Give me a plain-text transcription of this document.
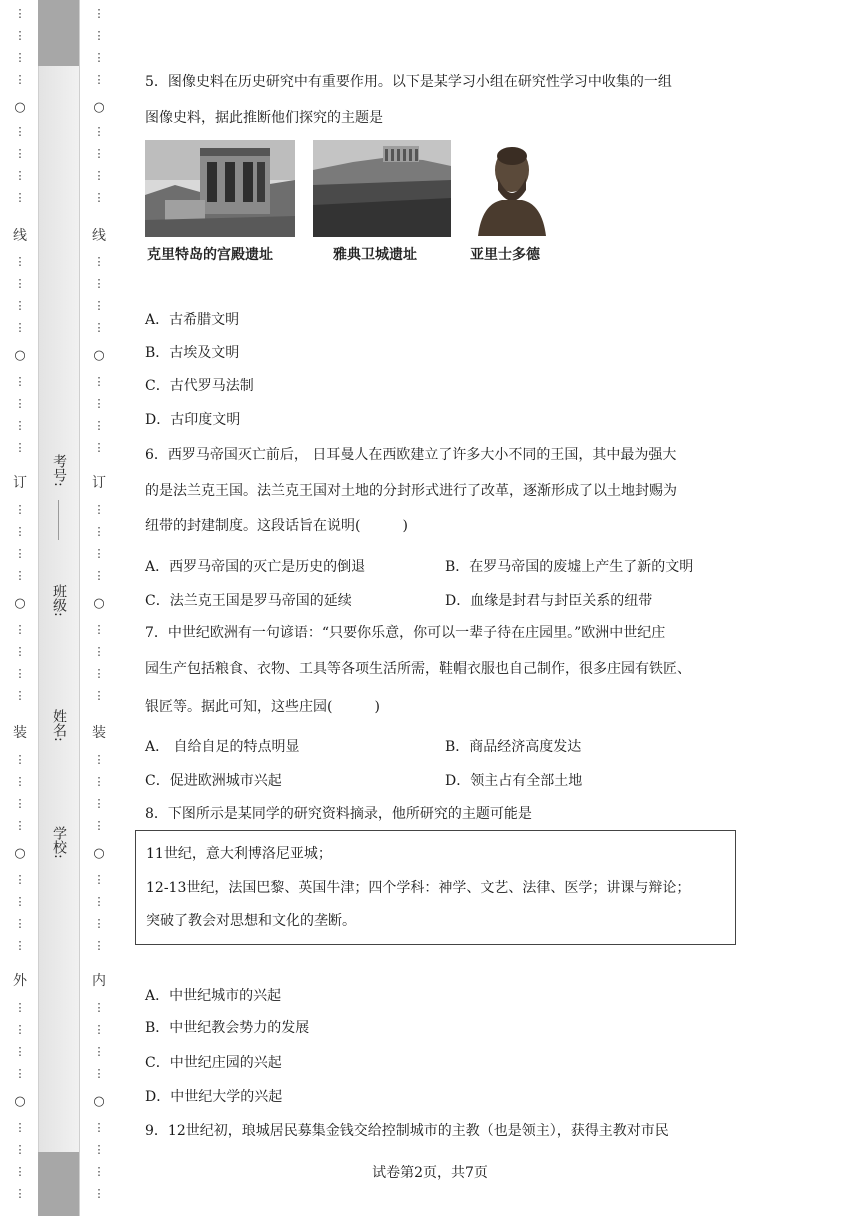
⋮
⋮
⋮
⋮
○
⋮
⋮
⋮
⋮
线
⋮
⋮
⋮
⋮
○
⋮
⋮
⋮
⋮
订
⋮
⋮
⋮
⋮
○
⋮
⋮
⋮
⋮
装
⋮
⋮
⋮
⋮
○
⋮
⋮
⋮
⋮
外
⋮
⋮
⋮
⋮
○
⋮
⋮
⋮
⋮
考号:
班级:
姓名:
学校:
⋮
⋮
⋮
⋮
○
⋮
⋮
⋮
⋮
线
⋮
⋮
⋮
⋮
○
⋮
⋮
⋮
⋮
订
⋮
⋮
⋮
⋮
○
⋮
⋮
⋮
⋮
装
⋮
⋮
⋮
⋮
○
⋮
⋮
⋮
⋮
内
⋮
⋮
⋮
⋮
○
⋮
⋮
⋮
⋮
5．图像史料在历史研究中有重要作用。以下是某学习小组在研究性学习中收集的一组
图像史料，据此推断他们探究的主题是
克里特岛的宫殿遗址	雅典卫城遗址	亚里士多德
A．古希腊文明
B．古埃及文明
C．古代罗马法制
D．古印度文明
6．西罗马帝国灭亡前后， 日耳曼人在西欧建立了许多大小不同的王国，其中最为强大
的是法兰克王国。法兰克王国对土地的分封形式进行了改革，逐渐形成了以土地封赐为
纽带的封建制度。这段话旨在说明(　　　)
A．西罗马帝国的灭亡是历史的倒退	B．在罗马帝国的废墟上产生了新的文明
C．法兰克王国是罗马帝国的延续	D．血缘是封君与封臣关系的纽带
7．中世纪欧洲有一句谚语：“只要你乐意，你可以一辈子待在庄园里。”欧洲中世纪庄
园生产包括粮食、衣物、工具等各项生活所需，鞋帽衣服也自己制作，很多庄园有铁匠、
银匠等。据此可知，这些庄园(　　　)
A． 自给自足的特点明显	B．商品经济高度发达
C．促进欧洲城市兴起	D．领主占有全部土地
8．下图所示是某同学的研究资料摘录，他所研究的主题可能是
11世纪，意大利博洛尼亚城；
12-13世纪，法国巴黎、英国牛津；四个学科：神学、文艺、法律、医学；讲课与辩论；
突破了教会对思想和文化的垄断。
A．中世纪城市的兴起
B．中世纪教会势力的发展
C．中世纪庄园的兴起
D．中世纪大学的兴起
9．12世纪初，琅城居民募集金钱交给控制城市的主教（也是领主），获得主教对市民
试卷第2页，共7页
